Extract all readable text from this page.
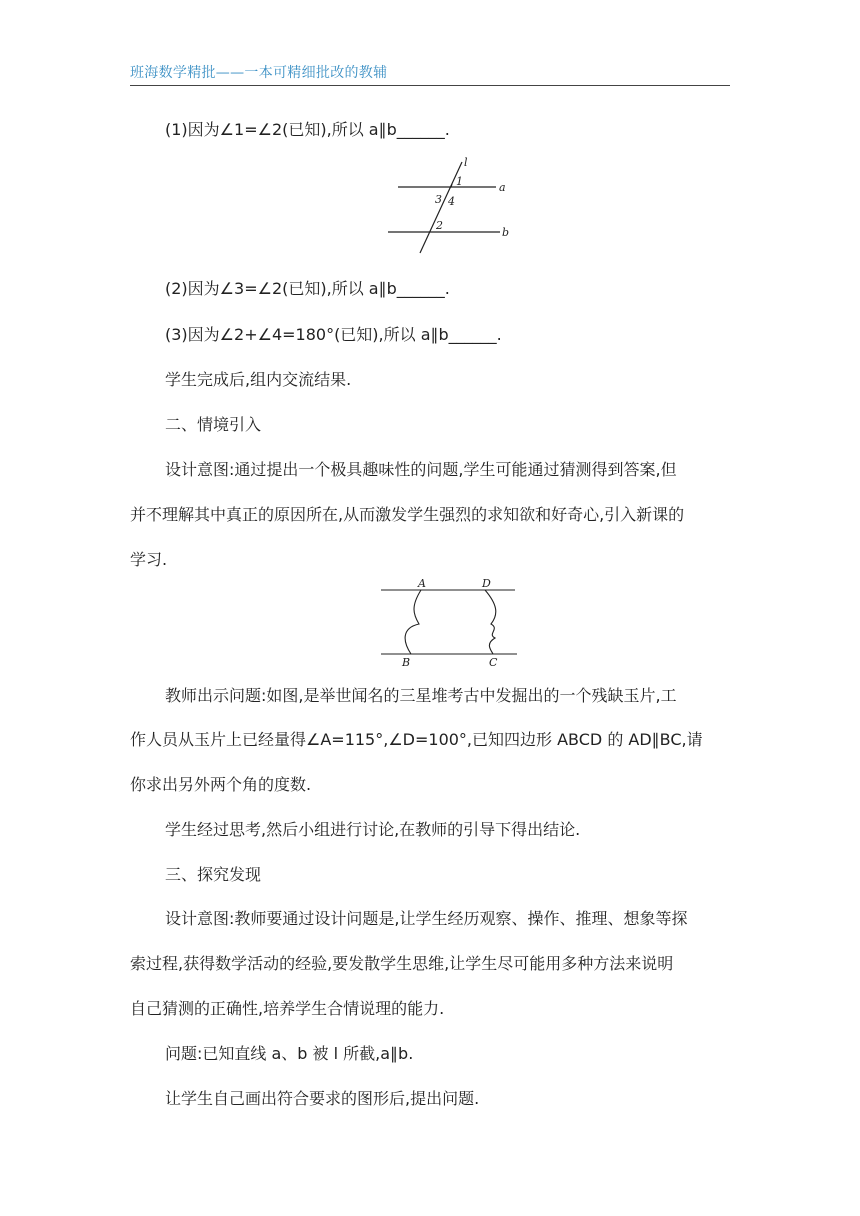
班海数学精批——一本可精细批改的教辅
(1)因为∠1=∠2(已知),所以 a∥b______.
l
a
b
1
3 4
2
(2)因为∠3=∠2(已知),所以 a∥b______.
(3)因为∠2+∠4=180°(已知),所以 a∥b______.
学生完成后,组内交流结果.
二、情境引入
设计意图:通过提出一个极具趣味性的问题,学生可能通过猜测得到答案,但
并不理解其中真正的原因所在,从而激发学生强烈的求知欲和好奇心,引入新课的
学习.
A	D
B	C
教师出示问题:如图,是举世闻名的三星堆考古中发掘出的一个残缺玉片,工
作人员从玉片上已经量得∠A=115°,∠D=100°,已知四边形 ABCD 的 AD∥BC,请
你求出另外两个角的度数.
学生经过思考,然后小组进行讨论,在教师的引导下得出结论.
三、探究发现
设计意图:教师要通过设计问题是,让学生经历观察、操作、推理、想象等探
索过程,获得数学活动的经验,要发散学生思维,让学生尽可能用多种方法来说明
自己猜测的正确性,培养学生合情说理的能力.
问题:已知直线 a、b 被 l 所截,a∥b.
让学生自己画出符合要求的图形后,提出问题.
